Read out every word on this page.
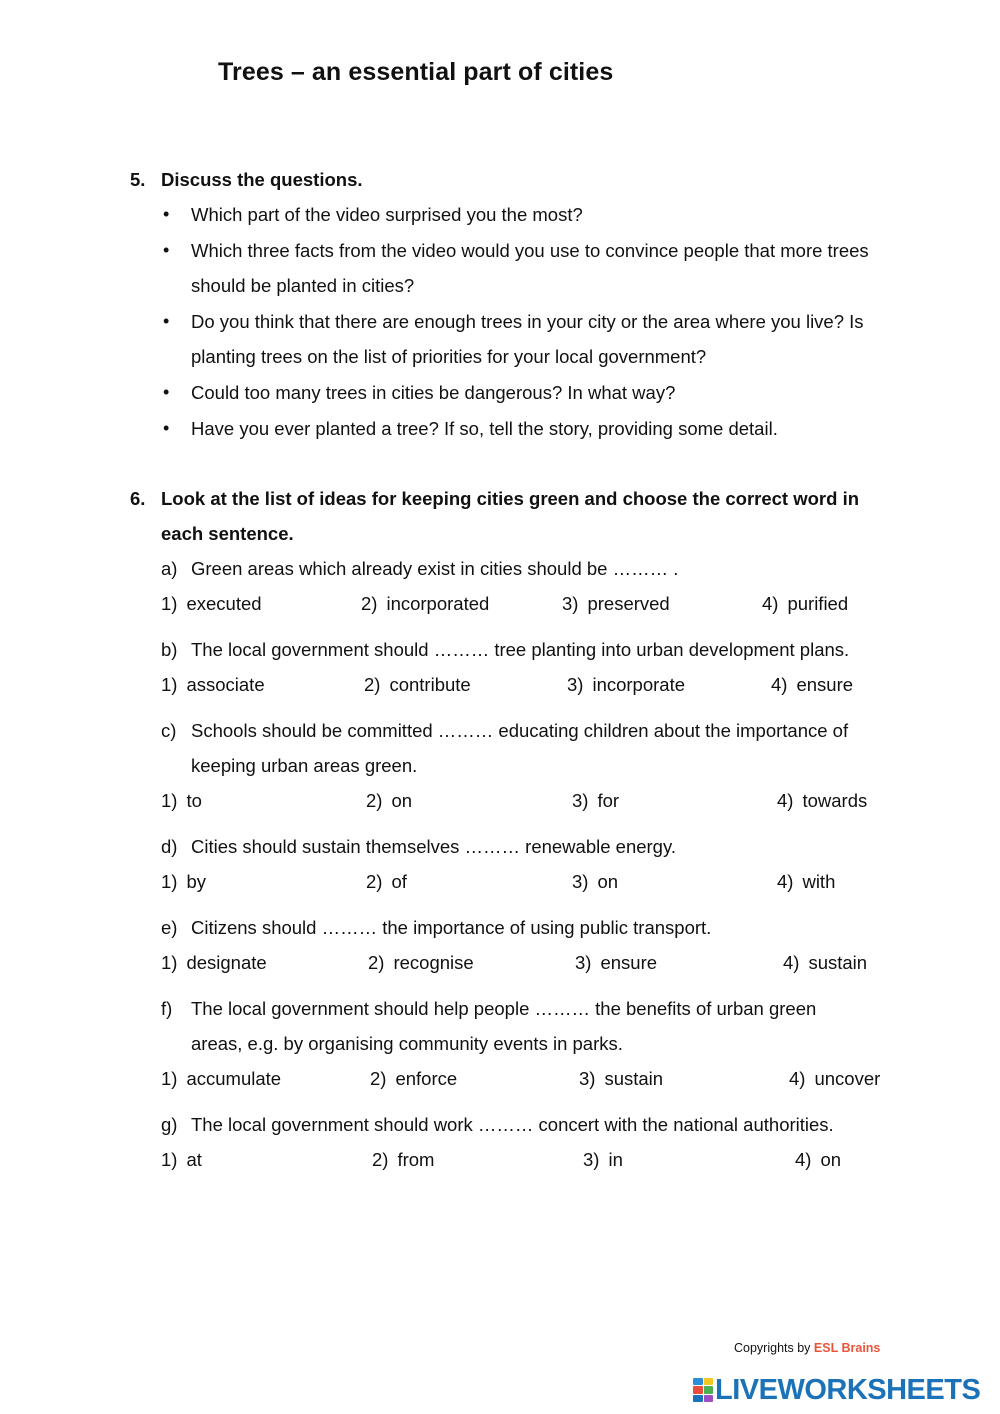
Trees – an essential part of cities
5. Discuss the questions.
• Which part of the video surprised you the most?
• Which three facts from the video would you use to convince people that more trees should be planted in cities?
• Do you think that there are enough trees in your city or the area where you live? Is planting trees on the list of priorities for your local government?
• Could too many trees in cities be dangerous? In what way?
• Have you ever planted a tree? If so, tell the story, providing some detail.
6. Look at the list of ideas for keeping cities green and choose the correct word in each sentence.
a) Green areas which already exist in cities should be ……… .
1) executed	2) incorporated	3) preserved	4) purified
b) The local government should ……… tree planting into urban development plans.
1) associate	2) contribute	3) incorporate	4) ensure
c) Schools should be committed ……… educating children about the importance of keeping urban areas green.
1) to	2) on	3) for	4) towards
d) Cities should sustain themselves ……… renewable energy.
1) by	2) of	3) on	4) with
e) Citizens should ……… the importance of using public transport.
1) designate	2) recognise	3) ensure	4) sustain
f)	The local government should help people ……… the benefits of urban green areas, e.g. by organising community events in parks.
1) accumulate	2) enforce	3) sustain	4) uncover
g) The local government should work ……… concert with the national authorities.
1) at	2) from	3) in	4) on
Copyrights by ESL Brains
LIVEWORKSHEETS
